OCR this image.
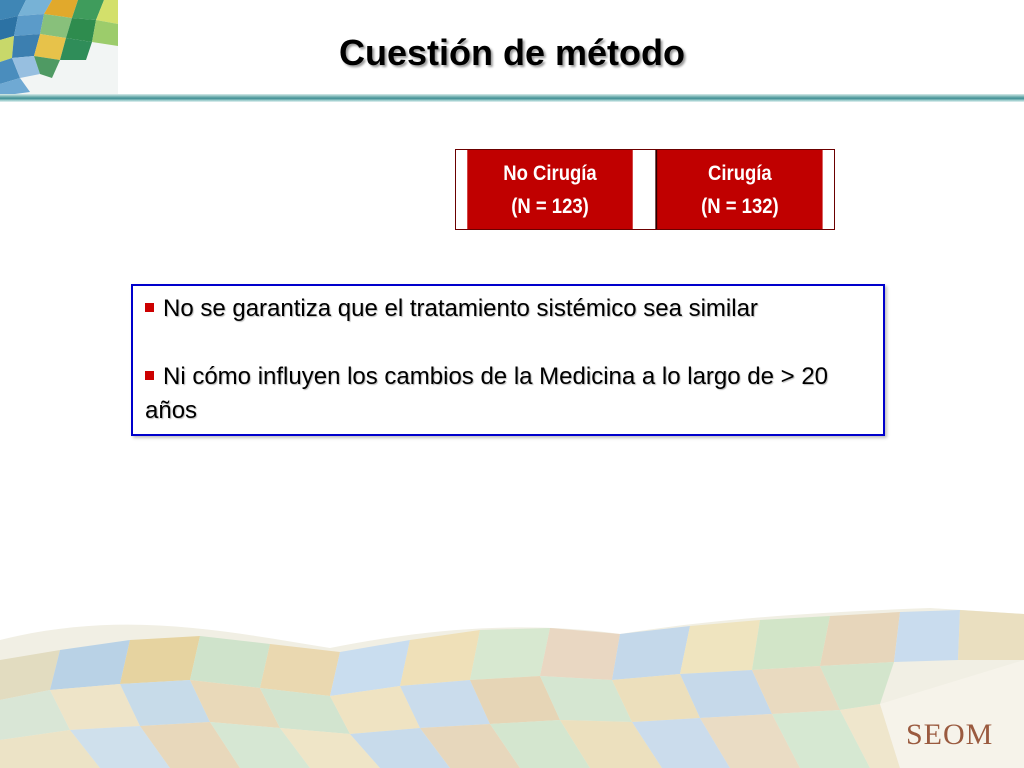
Cuestión de método
No Cirugía
(N = 123)
Cirugía
(N = 132)
No se garantiza que el tratamiento sistémico sea similar
Ni cómo influyen los cambios de la Medicina a lo largo de > 20 años
SEOM
